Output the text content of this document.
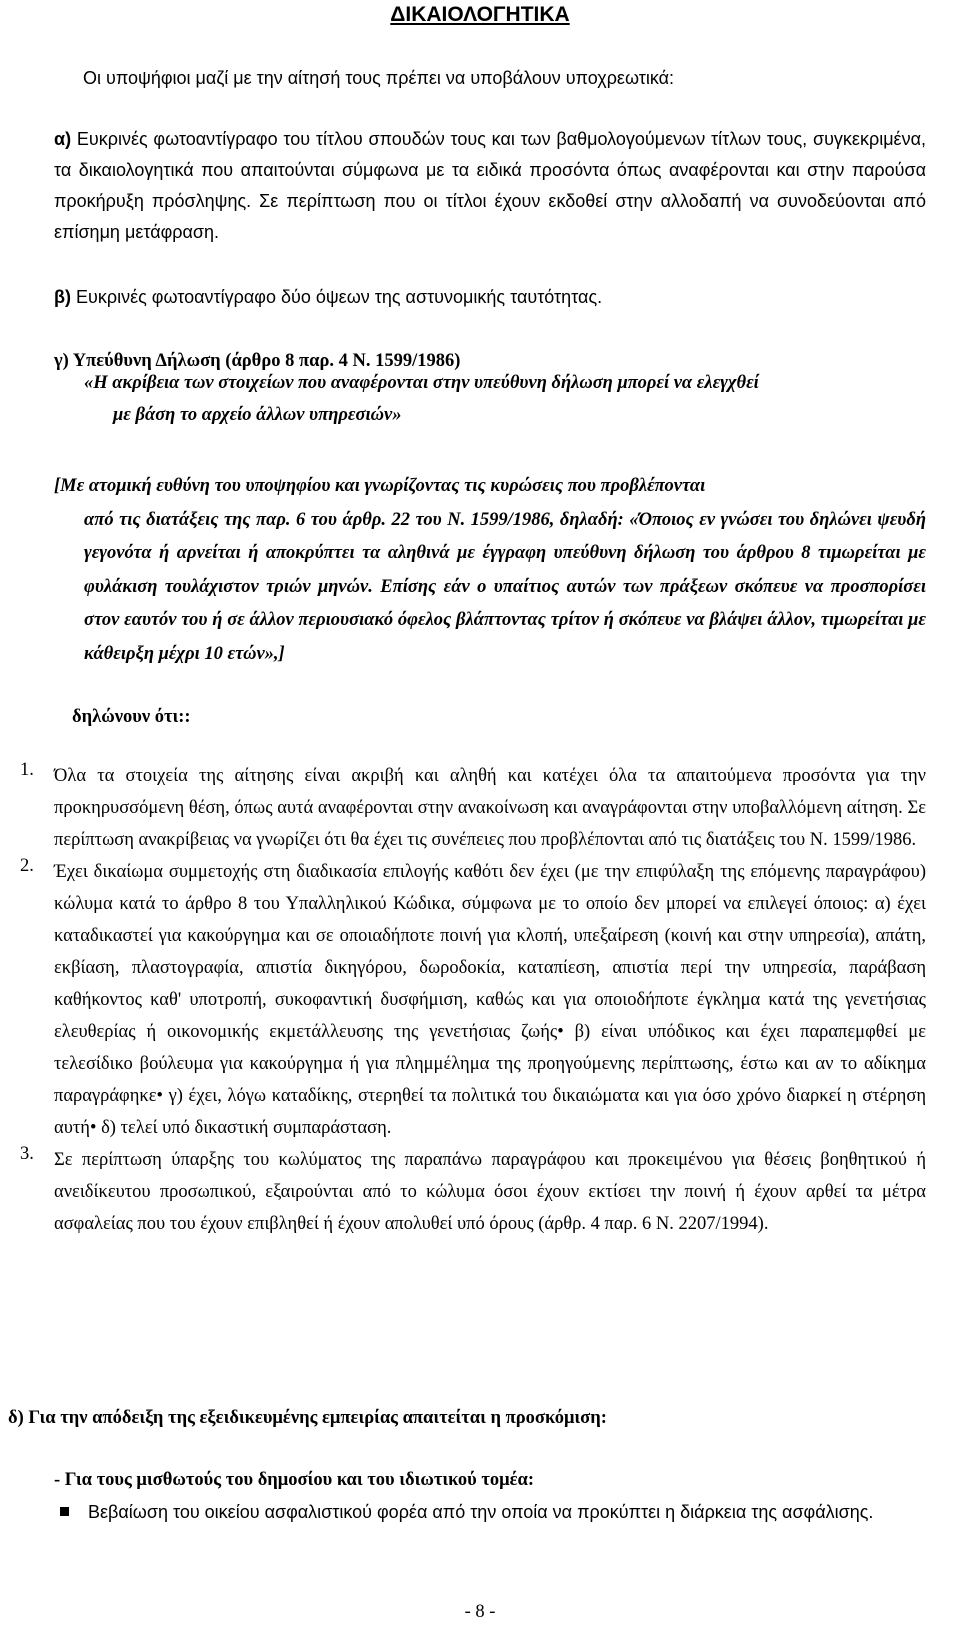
ΔΙΚΑΙΟΛΟΓΗΤΙΚΑ
Οι υποψήφιοι μαζί με την αίτησή τους πρέπει να υποβάλουν υποχρεωτικά:
α) Ευκρινές φωτοαντίγραφο του τίτλου σπουδών τους και των βαθμολογούμενων τίτλων τους, συγκεκριμένα, τα δικαιολογητικά που απαιτούνται σύμφωνα με τα ειδικά προσόντα όπως αναφέρονται και στην παρούσα προκήρυξη πρόσληψης. Σε περίπτωση που οι τίτλοι έχουν εκδοθεί στην αλλοδαπή να συνοδεύονται από επίσημη μετάφραση.
β) Ευκρινές φωτοαντίγραφο δύο όψεων της αστυνομικής ταυτότητας.
γ) Υπεύθυνη Δήλωση (άρθρο 8 παρ. 4 Ν. 1599/1986)
«Η ακρίβεια των στοιχείων που αναφέρονται στην υπεύθυνη δήλωση μπορεί να ελεγχθεί
με βάση το αρχείο άλλων υπηρεσιών»
[Με ατομική ευθύνη του υποψηφίου και γνωρίζοντας τις κυρώσεις που προβλέπονται
από τις διατάξεις της παρ. 6 του άρθρ. 22 του Ν. 1599/1986, δηλαδή: «Όποιος εν γνώσει του δηλώνει ψευδή γεγονότα ή αρνείται ή αποκρύπτει τα αληθινά με έγγραφη υπεύθυνη δήλωση του άρθρου 8 τιμωρείται με φυλάκιση τουλάχιστον τριών μηνών. Επίσης εάν ο υπαίτιος αυτών των πράξεων σκόπευε να προσπορίσει στον εαυτόν του ή σε άλλον περιουσιακό όφελος βλάπτοντας τρίτον ή σκόπευε να βλάψει άλλον, τιμωρείται με κάθειρξη μέχρι 10 ετών»,]
δηλώνουν ότι::
1. Όλα τα στοιχεία της αίτησης είναι ακριβή και αληθή και κατέχει όλα τα απαιτούμενα προσόντα για την προκηρυσσόμενη θέση, όπως αυτά αναφέρονται στην ανακοίνωση και αναγράφονται στην υποβαλλόμενη αίτηση. Σε περίπτωση ανακρίβειας να γνωρίζει ότι θα έχει τις συνέπειες που προβλέπονται από τις διατάξεις του Ν. 1599/1986.
2. Έχει δικαίωμα συμμετοχής στη διαδικασία επιλογής καθότι δεν έχει (με την επιφύλαξη της επόμενης παραγράφου) κώλυμα κατά το άρθρο 8 του Υπαλληλικού Κώδικα, σύμφωνα με το οποίο δεν μπορεί να επιλεγεί όποιος: α) έχει καταδικαστεί για κακούργημα και σε οποιαδήποτε ποινή για κλοπή, υπεξαίρεση (κοινή και στην υπηρεσία), απάτη, εκβίαση, πλαστογραφία, απιστία δικηγόρου, δωροδοκία, καταπίεση, απιστία περί την υπηρεσία, παράβαση καθήκοντος καθ' υποτροπή, συκοφαντική δυσφήμιση, καθώς και για οποιοδήποτε έγκλημα κατά της γενετήσιας ελευθερίας ή οικονομικής εκμετάλλευσης της γενετήσιας ζωής• β) είναι υπόδικος και έχει παραπεμφθεί με τελεσίδικο βούλευμα για κακούργημα ή για πλημμέλημα της προηγούμενης περίπτωσης, έστω και αν το αδίκημα παραγράφηκε• γ) έχει, λόγω καταδίκης, στερηθεί τα πολιτικά του δικαιώματα και για όσο χρόνο διαρκεί η στέρηση αυτή• δ) τελεί υπό δικαστική συμπαράσταση.
3. Σε περίπτωση ύπαρξης του κωλύματος της παραπάνω παραγράφου και προκειμένου για θέσεις βοηθητικού ή ανειδίκευτου προσωπικού, εξαιρούνται από το κώλυμα όσοι έχουν εκτίσει την ποινή ή έχουν αρθεί τα μέτρα ασφαλείας που του έχουν επιβληθεί ή έχουν απολυθεί υπό όρους (άρθρ. 4 παρ. 6 Ν. 2207/1994).
δ) Για την απόδειξη της εξειδικευμένης εμπειρίας απαιτείται η προσκόμιση:
- Για τους μισθωτούς του δημοσίου και του ιδιωτικού τομέα:
Βεβαίωση του οικείου ασφαλιστικού φορέα από την οποία να προκύπτει η διάρκεια της ασφάλισης.
- 8 -
